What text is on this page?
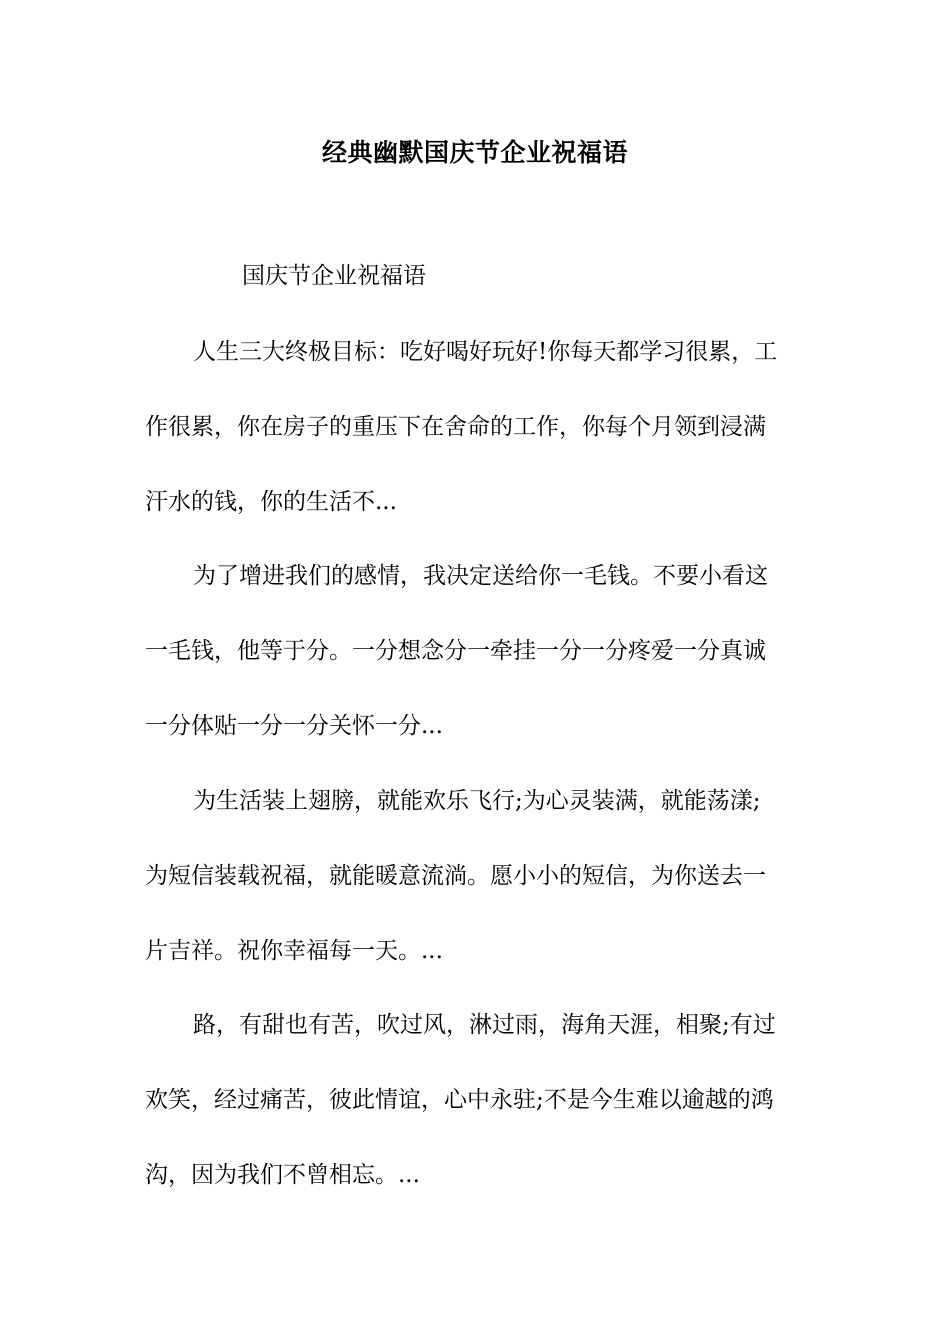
经典幽默国庆节企业祝福语
国庆节企业祝福语
人生三大终极目标：吃好喝好玩好!你每天都学习很累，工
作很累，你在房子的重压下在舍命的工作，你每个月领到浸满
汗水的钱，你的生活不...
为了增进我们的感情，我决定送给你一毛钱。不要小看这
一毛钱，他等于分。一分想念分一牵挂一分一分疼爱一分真诚
一分体贴一分一分关怀一分...
为生活装上翅膀，就能欢乐飞行;为心灵装满，就能荡漾;
为短信装载祝福，就能暖意流淌。愿小小的短信，为你送去一
片吉祥。祝你幸福每一天。...
路，有甜也有苦，吹过风，淋过雨，海角天涯，相聚;有过
欢笑，经过痛苦，彼此情谊，心中永驻;不是今生难以逾越的鸿
沟，因为我们不曾相忘。...
